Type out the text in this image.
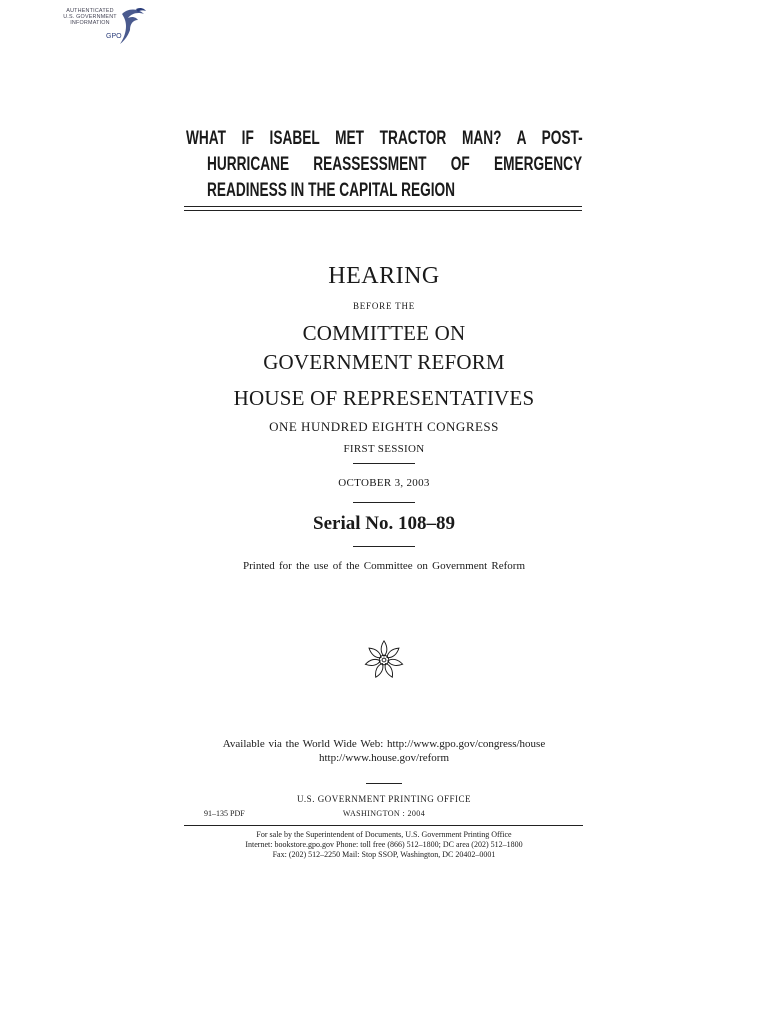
AUTHENTICATED
U.S. GOVERNMENT
INFORMATION
GPO
WHAT IF ISABEL MET TRACTOR MAN? A POST-
HURRICANE REASSESSMENT OF EMERGENCY
READINESS IN THE CAPITAL REGION
HEARING
BEFORE THE
COMMITTEE ON
GOVERNMENT REFORM
HOUSE OF REPRESENTATIVES
ONE HUNDRED EIGHTH CONGRESS
FIRST SESSION
OCTOBER 3, 2003
Serial No. 108–89
Printed for the use of the Committee on Government Reform
Available via the World Wide Web: http://www.gpo.gov/congress/house
http://www.house.gov/reform
U.S. GOVERNMENT PRINTING OFFICE
91–135 PDF	WASHINGTON : 2004
For sale by the Superintendent of Documents, U.S. Government Printing Office
Internet: bookstore.gpo.gov Phone: toll free (866) 512–1800; DC area (202) 512–1800
Fax: (202) 512–2250 Mail: Stop SSOP, Washington, DC 20402–0001
